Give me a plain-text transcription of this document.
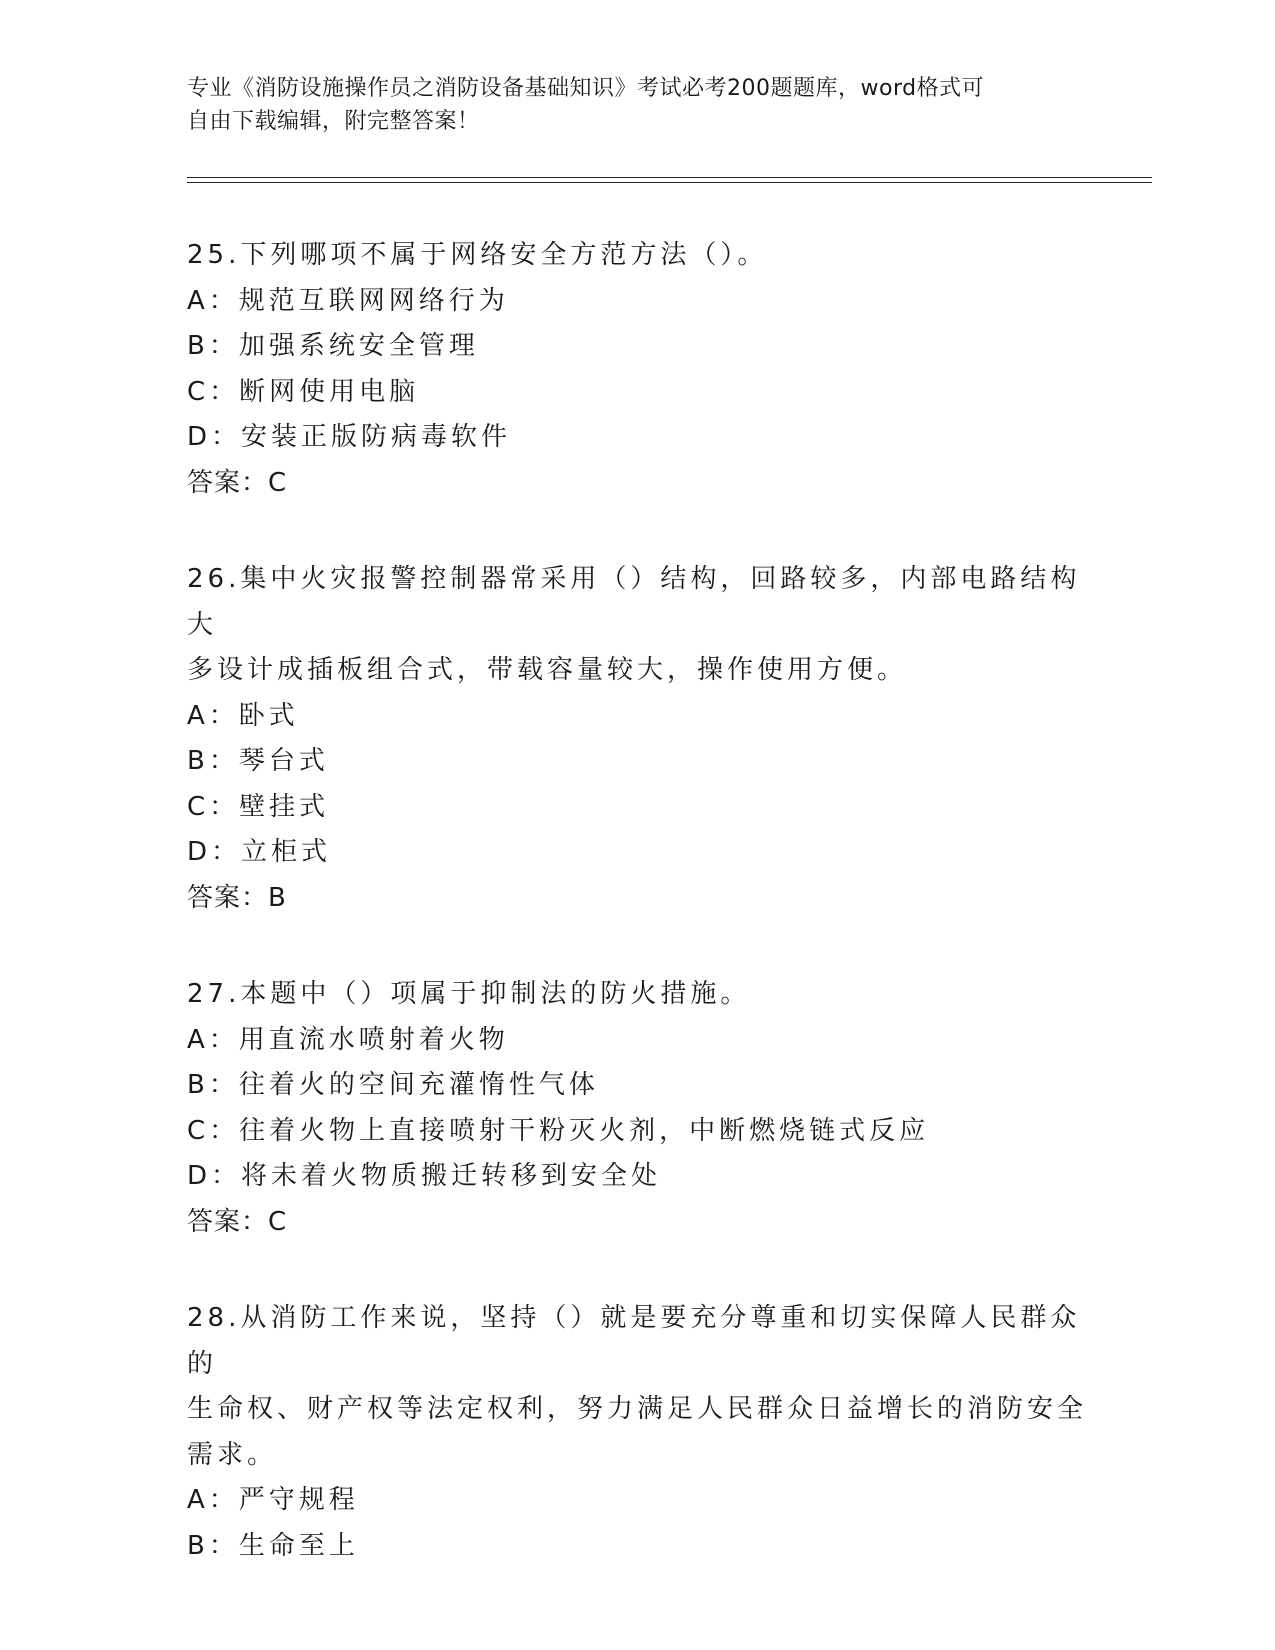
专业《消防设施操作员之消防设备基础知识》考试必考200题题库，word格式可
自由下载编辑，附完整答案！
25.下列哪项不属于网络安全方范方法（）。
A：规范互联网网络行为
B：加强系统安全管理
C：断网使用电脑
D：安装正版防病毒软件
答案：C
26.集中火灾报警控制器常采用（）结构，回路较多，内部电路结构大
多设计成插板组合式，带载容量较大，操作使用方便。
A：卧式
B：琴台式
C：壁挂式
D：立柜式
答案：B
27.本题中（）项属于抑制法的防火措施。
A：用直流水喷射着火物
B：往着火的空间充灌惰性气体
C：往着火物上直接喷射干粉灭火剂，中断燃烧链式反应
D：将未着火物质搬迁转移到安全处
答案：C
28.从消防工作来说，坚持（）就是要充分尊重和切实保障人民群众的
生命权、财产权等法定权利，努力满足人民群众日益增长的消防安全
需求。
A：严守规程
B：生命至上
